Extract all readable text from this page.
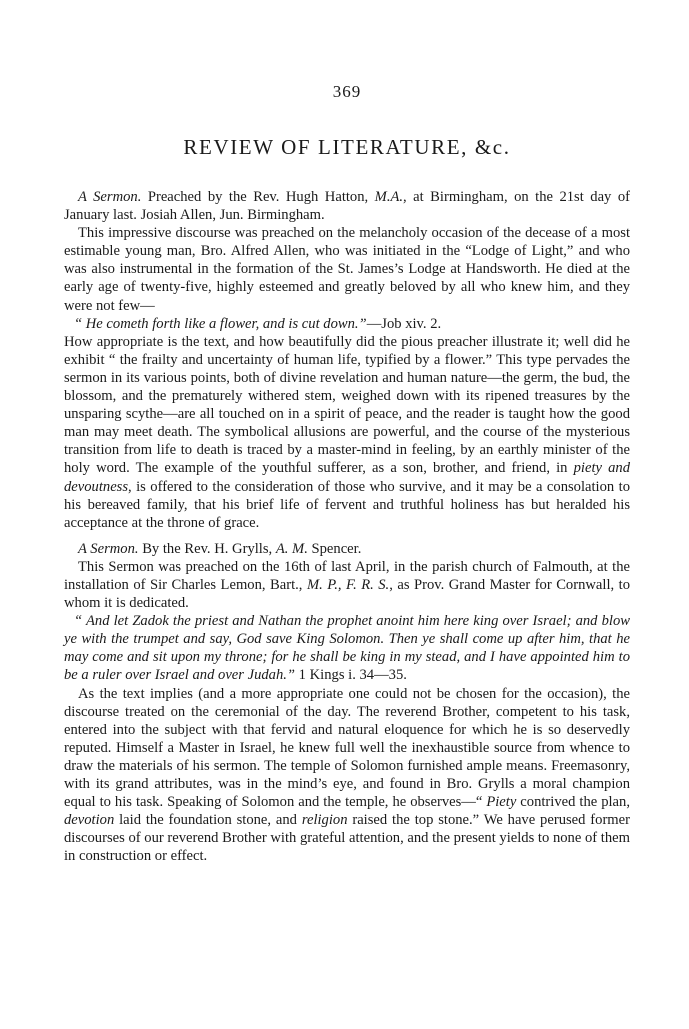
369
REVIEW OF LITERATURE, &c.

A Sermon. Preached by the Rev. Hugh Hatton, M.A., at Birmingham, on the 21st day of January last. Josiah Allen, Jun. Birmingham.

This impressive discourse was preached on the melancholy occasion of the decease of a most estimable young man, Bro. Alfred Allen, who was initiated in the “Lodge of Light,” and who was also instrumental in the formation of the St. James’s Lodge at Handsworth. He died at the early age of twenty-five, highly esteemed and greatly beloved by all who knew him, and they were not few—

“ He cometh forth like a flower, and is cut down.”—Job xiv. 2.

How appropriate is the text, and how beautifully did the pious preacher illustrate it; well did he exhibit “ the frailty and uncertainty of human life, typified by a flower.” This type pervades the sermon in its various points, both of divine revelation and human nature—the germ, the bud, the blossom, and the prematurely withered stem, weighed down with its ripened treasures by the unsparing scythe—are all touched on in a spirit of peace, and the reader is taught how the good man may meet death. The symbolical allusions are powerful, and the course of the mysterious transition from life to death is traced by a master-mind in feeling, by an earthly minister of the holy word. The example of the youthful sufferer, as a son, brother, and friend, in piety and devoutness, is offered to the consideration of those who survive, and it may be a consolation to his bereaved family, that his brief life of fervent and truthful holiness has but heralded his acceptance at the throne of grace.

A Sermon. By the Rev. H. Grylls, A. M. Spencer.

This Sermon was preached on the 16th of last April, in the parish church of Falmouth, at the installation of Sir Charles Lemon, Bart., M. P., F. R. S., as Prov. Grand Master for Cornwall, to whom it is dedicated.

“ And let Zadok the priest and Nathan the prophet anoint him here king over Israel; and blow ye with the trumpet and say, God save King Solomon. Then ye shall come up after him, that he may come and sit upon my throne; for he shall be king in my stead, and I have appointed him to be a ruler over Israel and over Judah.” 1 Kings i. 34—35.

As the text implies (and a more appropriate one could not be chosen for the occasion), the discourse treated on the ceremonial of the day. The reverend Brother, competent to his task, entered into the subject with that fervid and natural eloquence for which he is so deservedly reputed. Himself a Master in Israel, he knew full well the inexhaustible source from whence to draw the materials of his sermon. The temple of Solomon furnished ample means. Freemasonry, with its grand attributes, was in the mind’s eye, and found in Bro. Grylls a moral champion equal to his task. Speaking of Solomon and the temple, he observes—“ Piety contrived the plan, devotion laid the foundation stone, and religion raised the top stone.” We have perused former discourses of our reverend Brother with grateful attention, and the present yields to none of them in construction or effect.
